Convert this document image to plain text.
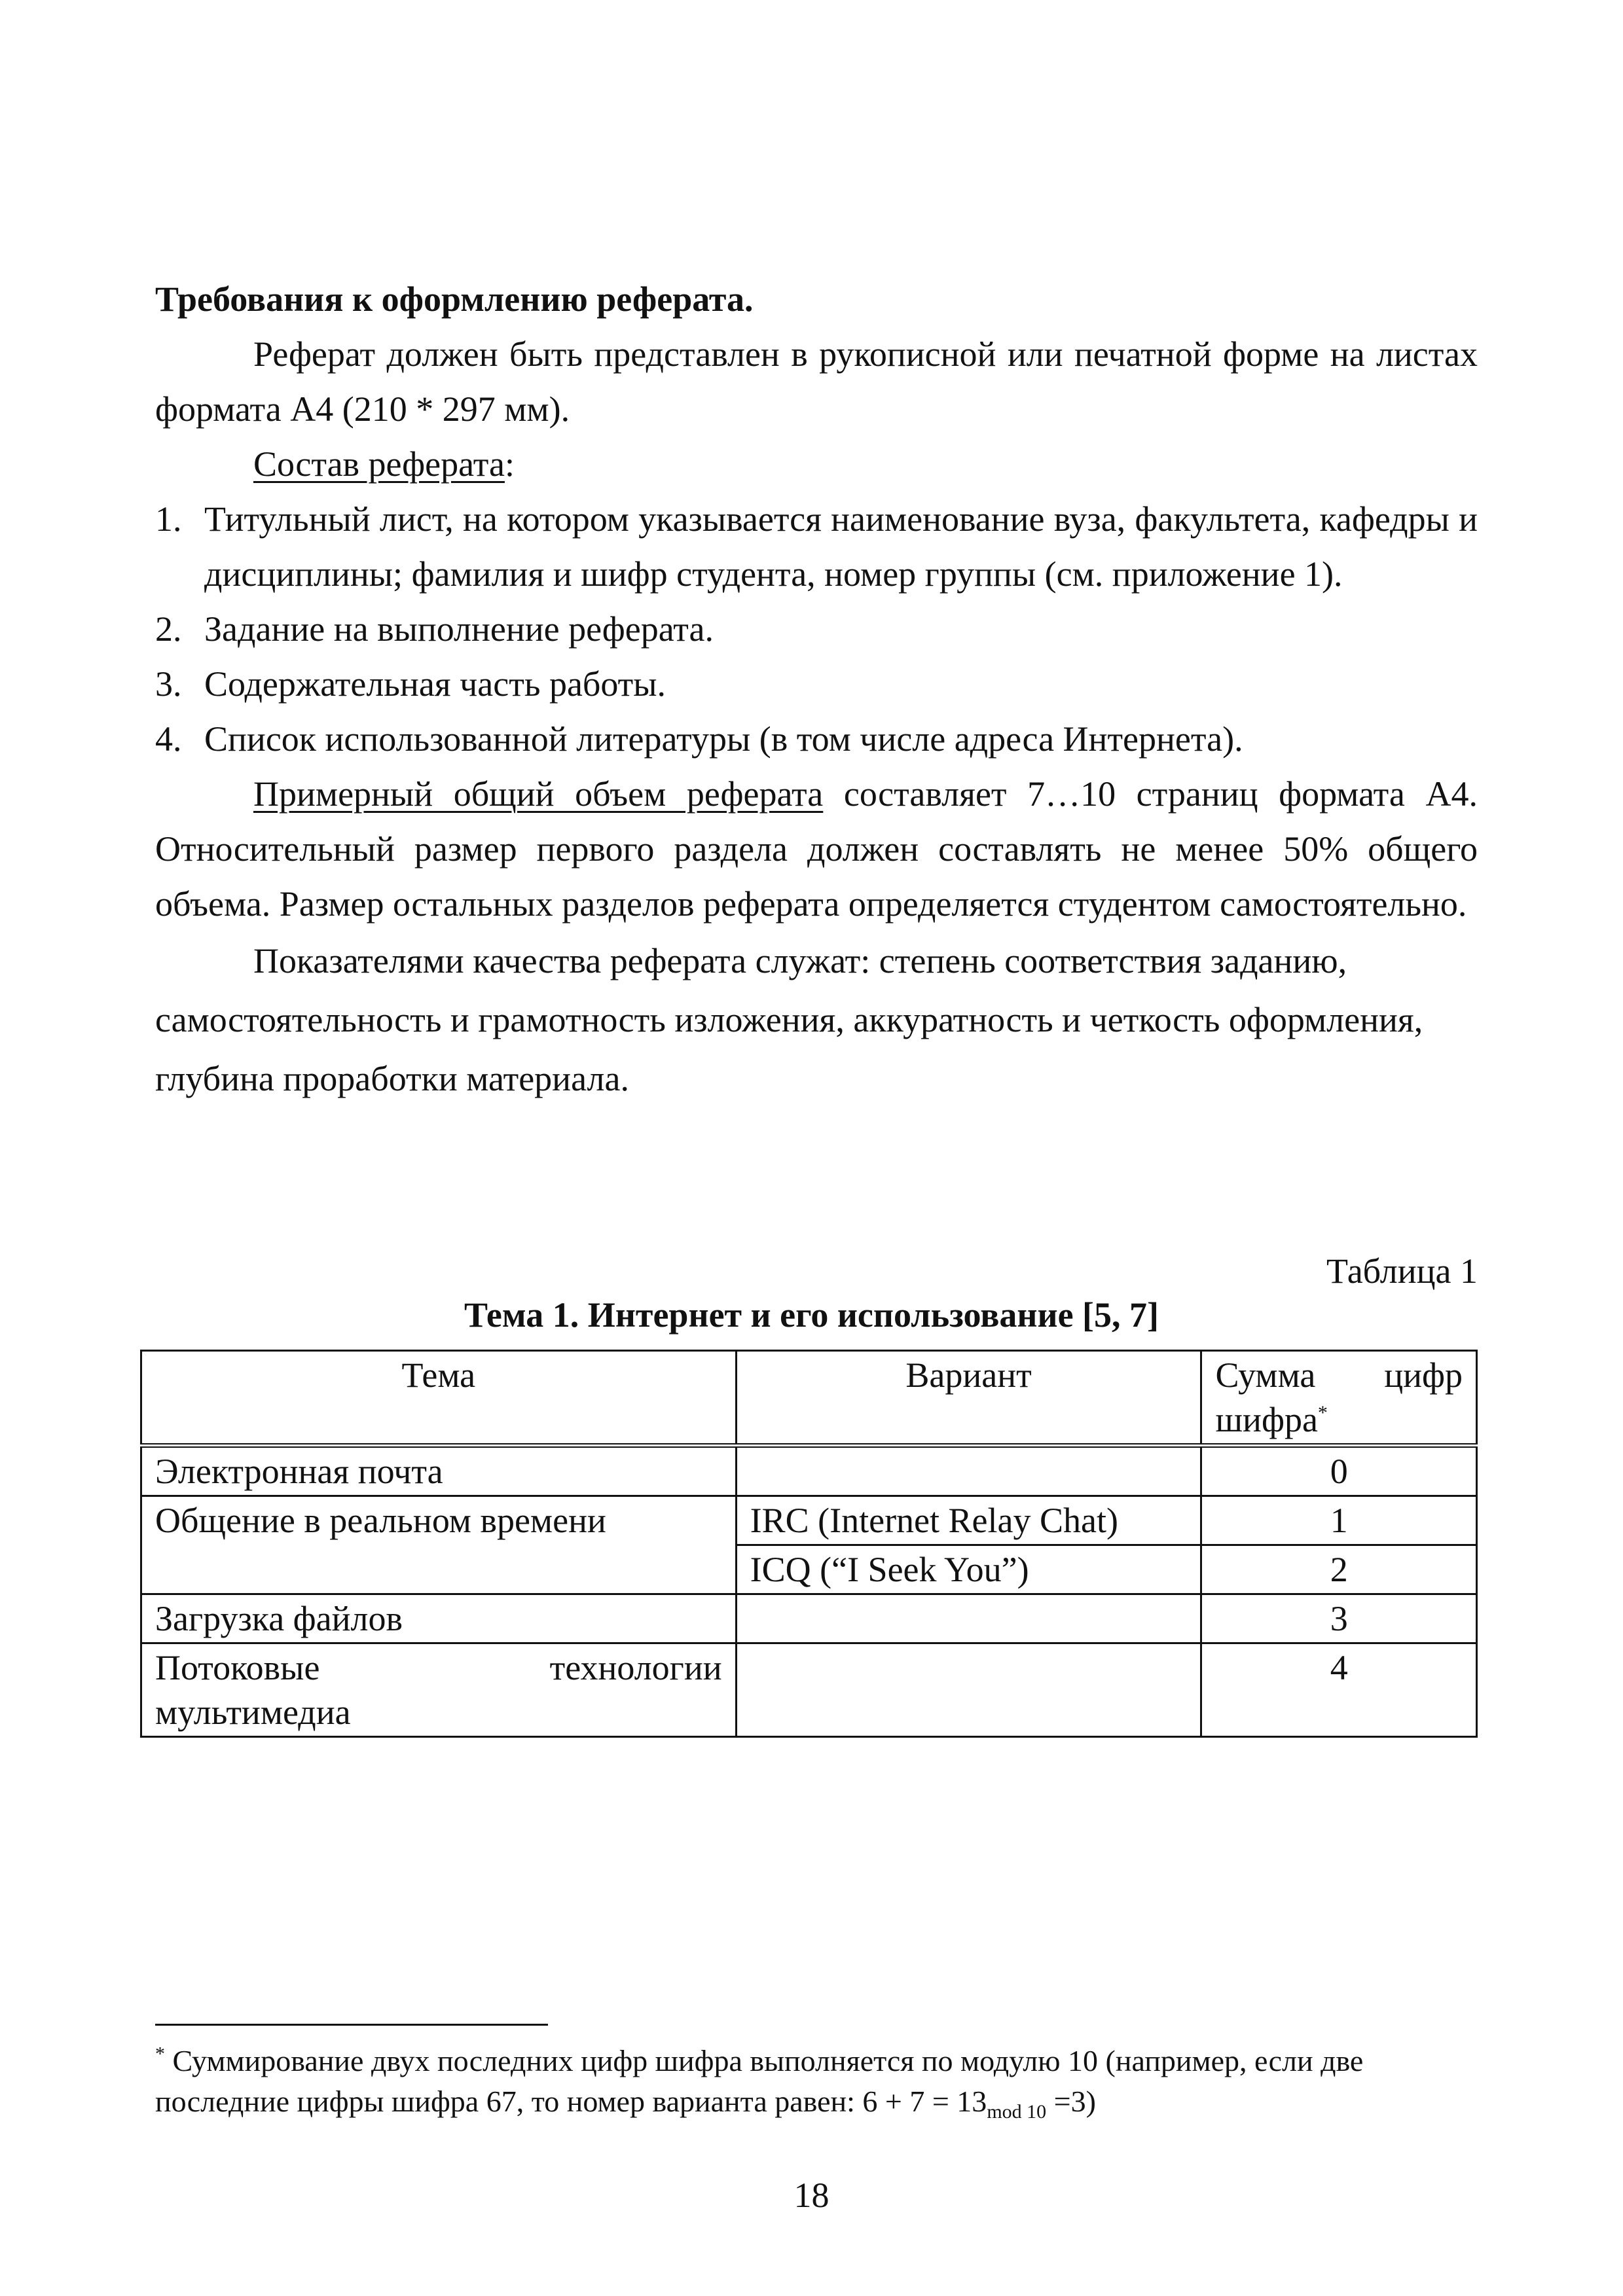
Требования к оформлению реферата.

Реферат должен быть представлен в рукописной или печатной форме на листах формата А4 (210 * 297 мм).

Состав реферата:

1. Титульный лист, на котором указывается наименование вуза, факультета, кафедры и дисциплины; фамилия и шифр студента, номер группы (см. приложение 1).
2. Задание на выполнение реферата.
3. Содержательная часть работы.
4. Список использованной литературы (в том числе адреса Интернета).

Примерный общий объем реферата составляет 7…10 страниц формата А4. Относительный размер первого раздела должен составлять не менее 50% общего объема. Размер остальных разделов реферата определяется студентом самостоятельно.

Показателями качества реферата служат: степень соответствия заданию, самостоятельность и грамотность изложения, аккуратность и четкость оформления, глубина проработки материала.

Таблица 1
Тема 1. Интернет и его использование [5, 7]
Тема	Вариант	Сумма цифр
шифра*
Электронная почта		0
Общение в реальном времени	IRC (Internet Relay Chat)	1
	ICQ (“I Seek You”)	2
Загрузка файлов		3

Потоковые технологии
мультимедиа		4
* Суммирование двух последних цифр шифра выполняется по модулю 10 (например, если две последние цифры шифра 67, то номер варианта равен: $6 + 7 = 13_{mod 10} =3$)
18
